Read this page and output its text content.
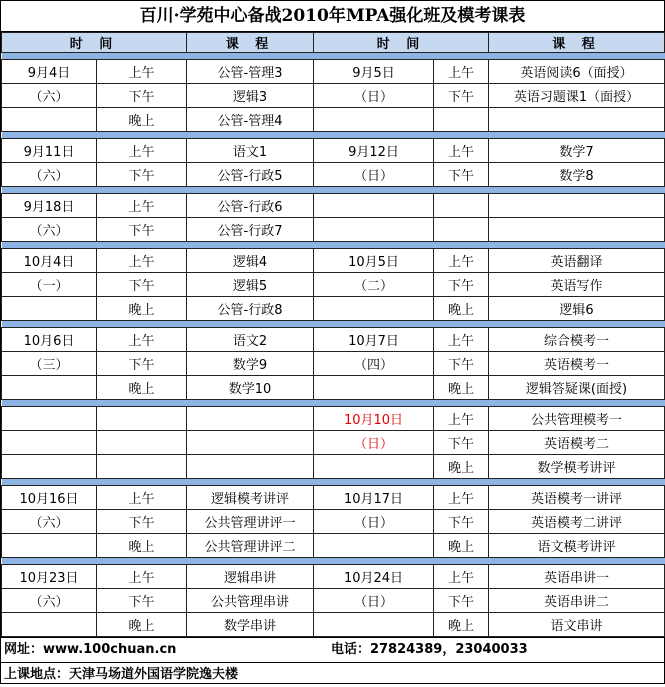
百川·学苑中心备战2010年MPA强化班及模考课表
时 间		课 程	时 间		课 程

9月4日	上午	公管-管理3	9月5日	上午	英语阅读6（面授）
（六）	下午	逻辑3	（日）	下午	英语习题课1（面授）
	晚上	公管-管理4			

9月11日	上午	语文1	9月12日	上午	数学7
（六）	下午	公管-行政5	（日）	下午	数学8

9月18日	上午	公管-行政6			
（六）	下午	公管-行政7			

10月4日	上午	逻辑4	10月5日	上午	英语翻译
（一）	下午	逻辑5	（二）	下午	英语写作
	晚上	公管-行政8		晚上	逻辑6

10月6日	上午	语文2	10月7日	上午	综合模考一
（三）	下午	数学9	（四）	下午	英语模考一
	晚上	数学10		晚上	逻辑答疑课(面授)

			10月10日	上午	公共管理模考一
			（日）	下午	英语模考二
				晚上	数学模考讲评

10月16日	上午	逻辑模考讲评	10月17日	上午	英语模考一讲评
（六）	下午	公共管理讲评一	（日）	下午	英语模考二讲评
	晚上	公共管理讲评二		晚上	语文模考讲评

10月23日	上午	逻辑串讲	10月24日	上午	英语串讲一
（六）	下午	公共管理串讲	（日）	下午	英语串讲二
	晚上	数学串讲		晚上	语文串讲
网址：www.100chuan.cn	电话：27824389，23040033
上课地点：天津马场道外国语学院逸夫楼
